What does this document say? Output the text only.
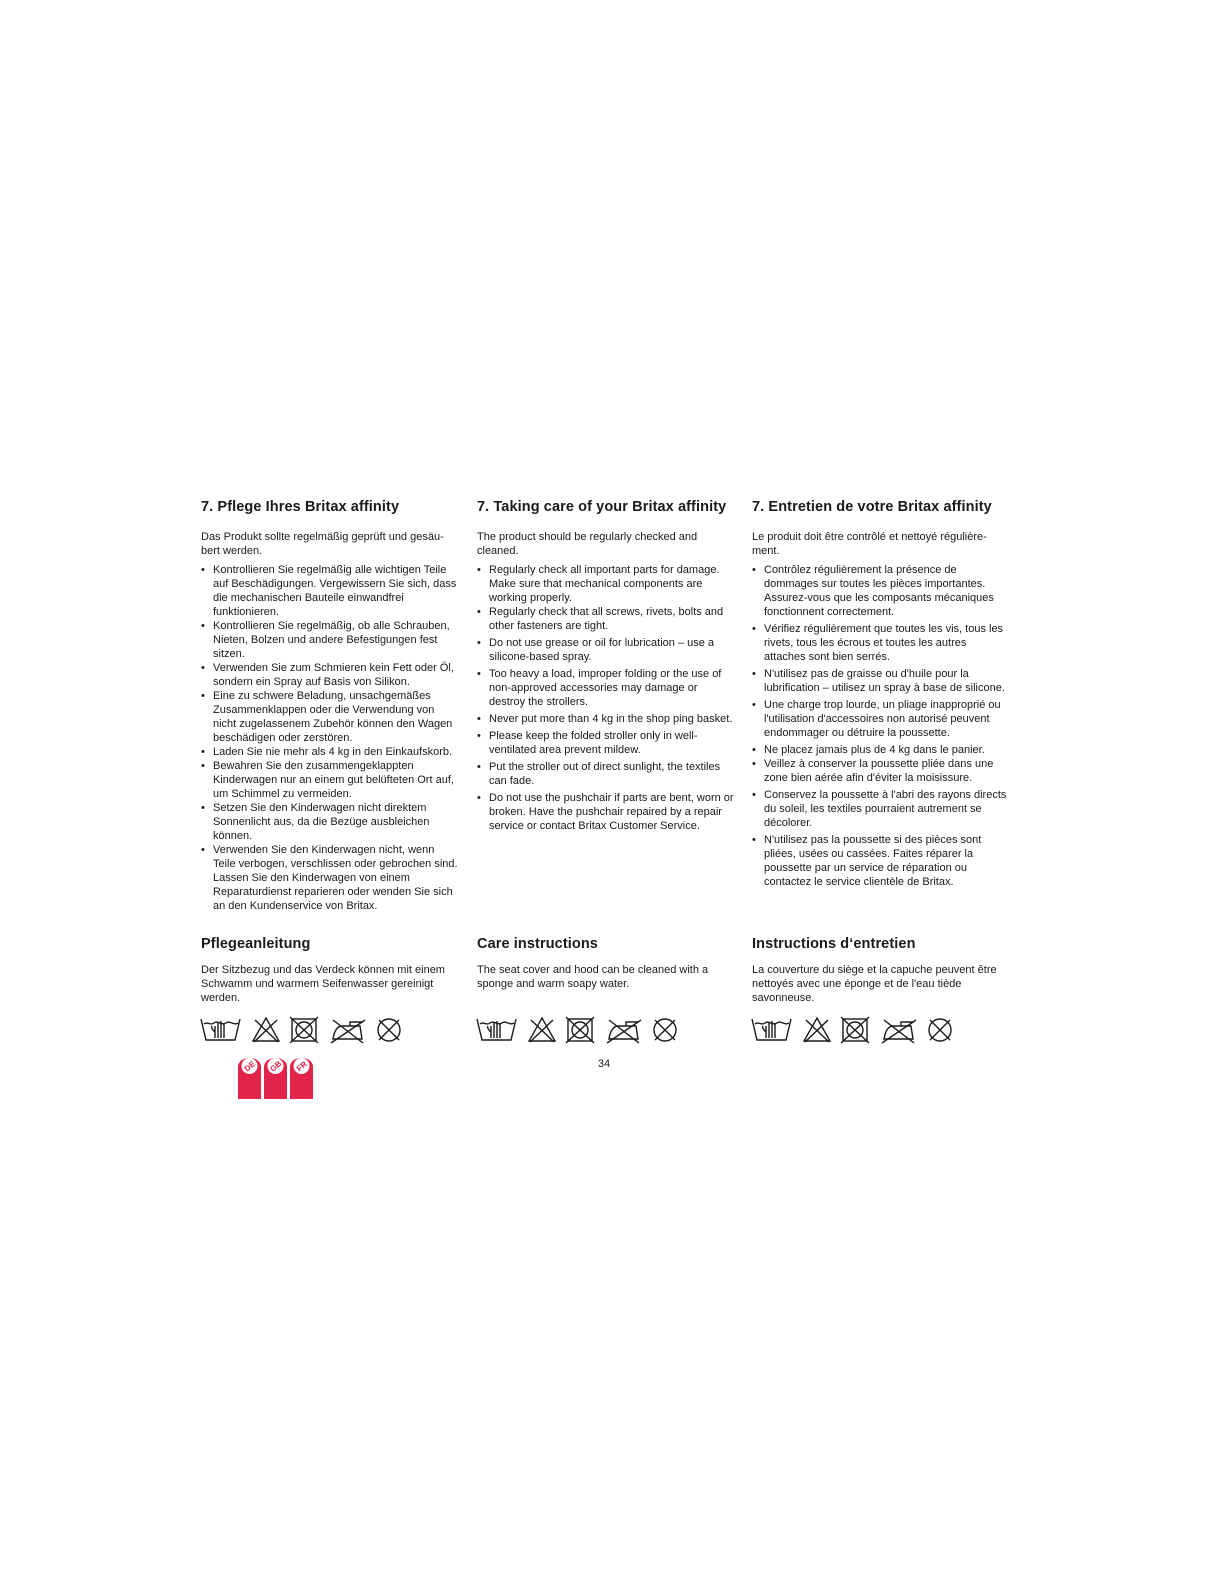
7. Pflege Ihres Britax affinity

Das Produkt sollte regelmäßig geprüft und gesäu-
bert werden.

• Kontrollieren Sie regelmäßig alle wichtigen Teile auf Beschädigungen. Vergewissern Sie sich, dass die mechanischen Bauteile einwandfrei funktionieren.
• Kontrollieren Sie regelmäßig, ob alle Schrauben, Nieten, Bolzen und andere Befestigungen fest sitzen.
• Verwenden Sie zum Schmieren kein Fett oder Öl, sondern ein Spray auf Basis von Silikon.
• Eine zu schwere Beladung, unsachgemäßes Zusammenklappen oder die Verwendung von nicht zugelassenem Zubehör können den Wagen beschädigen oder zerstören.
• Laden Sie nie mehr als 4 kg in den Einkaufskorb.
• Bewahren Sie den zusammengeklappten Kinderwagen nur an einem gut belüfteten Ort auf, um Schimmel zu vermeiden.
• Setzen Sie den Kinderwagen nicht direktem Sonnenlicht aus, da die Bezüge ausbleichen können.
• Verwenden Sie den Kinderwagen nicht, wenn Teile verbogen, verschlissen oder gebrochen sind. Lassen Sie den Kinderwagen von einem Reparaturdienst reparieren oder wenden Sie sich an den Kundenservice von Britax.
7. Taking care of your Britax affinity

The product should be regularly checked and cleaned.

• Regularly check all important parts for damage. Make sure that mechanical components are working properly.
• Regularly check that all screws, rivets, bolts and other fasteners are tight.
• Do not use grease or oil for lubrication – use a silicone-based spray.
• Too heavy a load, improper folding or the use of non-approved accessories may damage or destroy the strollers.
• Never put more than 4 kg in the shop ping basket.
• Please keep the folded stroller only in well-ventilated area prevent mildew.
• Put the stroller out of direct sunlight, the textiles can fade.
• Do not use the pushchair if parts are bent, worn or broken. Have the pushchair repaired by a repair service or contact Britax Customer Service.
7. Entretien de votre Britax affinity

Le produit doit être contrôlé et nettoyé régulière-
ment.

• Contrôlez régulièrement la présence de dommages sur toutes les pièces importantes. Assurez-vous que les composants mécaniques fonctionnent correctement.
• Vérifiez régulièrement que toutes les vis, tous les rivets, tous les écrous et toutes les autres attaches sont bien serrés.
• N'utilisez pas de graisse ou d'huile pour la lubrification – utilisez un spray à base de silicone.
• Une charge trop lourde, un pliage inapproprié ou l'utilisation d'accessoires non autorisé peuvent endommager ou détruire la poussette.
• Ne placez jamais plus de 4 kg dans le panier.
• Veillez à conserver la poussette pliée dans une zone bien aérée afin d'éviter la moisissure.
• Conservez la poussette à l'abri des rayons directs du soleil, les textiles pourraient autrement se décolorer.
• N'utilisez pas la poussette si des pièces sont pliées, usées ou cassées. Faites réparer la poussette par un service de réparation ou contactez le service clientèle de Britax.
Pflegeanleitung

Der Sitzbezug und das Verdeck können mit einem Schwamm und warmem Seifenwasser gereinigt werden.

Care instructions

The seat cover and hood can be cleaned with a sponge and warm soapy water.

Instructions d‘entretien

La couverture du siège et la capuche peuvent être nettoyés avec une éponge et de l'eau tiède savonneuse.

DE GB FR	34
